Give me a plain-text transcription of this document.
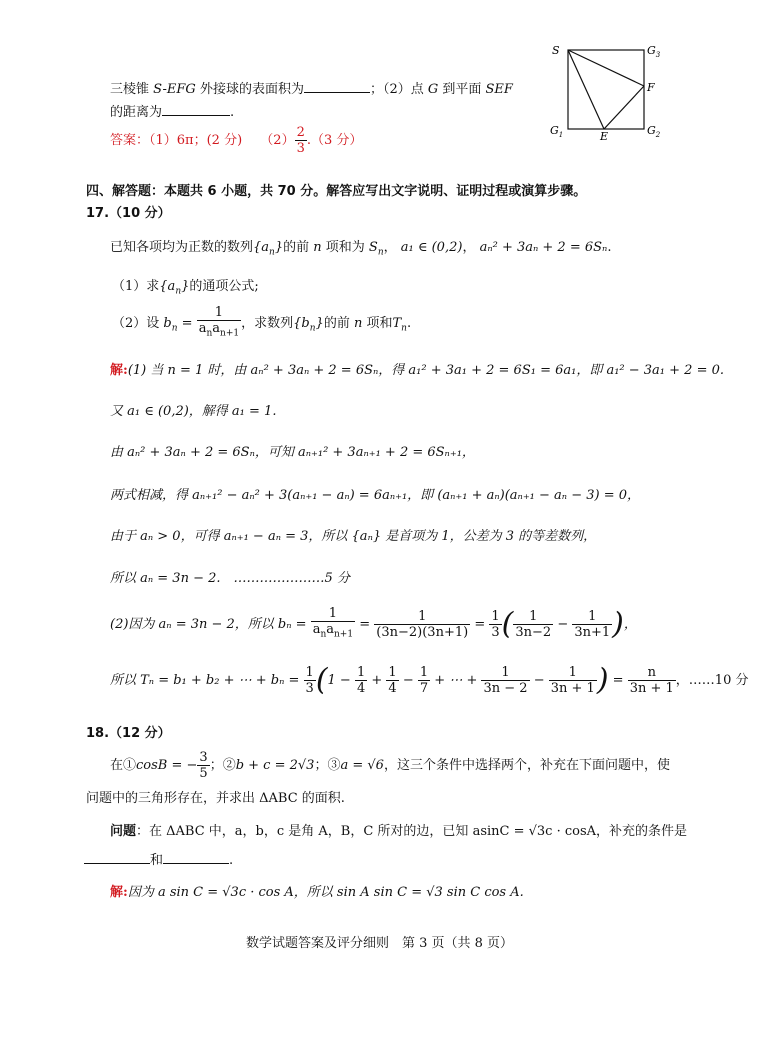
三棱锥 S-EFG 外接球的表面积为	；（2）点 G 到平面 SEF
的距离为	.
答案：（1）6π；(2 分) $(2) \frac{2}{3} .(3$ 分）
S	$G_3$
F
$G_1$	E	$G_2$
四、解答题：本题共 6 小题，共 70 分。解答应写出文字说明、证明过程或演算步骤。
17.（10 分）
已知各项均为正数的数列$\{a_n\}$的前 n 项和为 $S_n$， a₁ ∈ (0,2)， aₙ² + 3aₙ + 2 = 6Sₙ.
（1）求$\{a_n\}$的通项公式;
（2）设 $b_n = \frac{1}{a_na_{n+1}}$ ，求数列$\{b_n\}$的前 n 项和$T_n$.
解:(1) 当 n = 1 时，由 aₙ² + 3aₙ + 2 = 6Sₙ，得 a₁² + 3a₁ + 2 = 6S₁ = 6a₁，即 a₁² − 3a₁ + 2 = 0.
又 a₁ ∈ (0,2)，解得 a₁ = 1.
由 aₙ² + 3aₙ + 2 = 6Sₙ，可知 aₙ₊₁² + 3aₙ₊₁ + 2 = 6Sₙ₊₁，
两式相减，得 aₙ₊₁² − aₙ² + 3(aₙ₊₁ − aₙ) = 6aₙ₊₁，即 (aₙ₊₁ + aₙ)(aₙ₊₁ − aₙ − 3) = 0，
由于 aₙ > 0，可得 aₙ₊₁ − aₙ = 3，所以 {aₙ} 是首项为 1，公差为 3 的等差数列，
所以 aₙ = 3n − 2.　…………………5 分
(2)因为 aₙ = 3n − 2，所以 $b_n = \frac{1}{a_na_{n+1}} = \frac{1}{(3n-2)(3n+1)} = \frac{1}{3}$ ( $\frac{1}{3n-2} - \frac{1}{3n+1}$ )，
所以 Tₙ = b₁ + b₂ + ⋯ + $b_n = \frac{1}{3} (1 - \frac{1}{4} + \frac{1}{4} - \frac{1}{7}$ + ⋯ + $\frac{1}{3n - 2} - \frac{1}{3n + 1}$ ) = $\frac{n}{3n + 1}$ ，……10 分
18.（12 分）
在①cosB = − $\frac{3}{5}$ ；②b + c = 2√3；③a = √6，这三个条件中选择两个，补充在下面问题中，使
问题中的三角形存在，并求出 ΔABC 的面积.
问题：在 ΔABC 中，a，b，c 是角 A，B，C 所对的边，已知 asinC = √3c · cosA，补充的条件是
和	.
解:因为 a sin C = √3c · cos A，所以 sin A sin C = √3 sin C cos A.
数学试题答案及评分细则　第 3 页（共 8 页）
